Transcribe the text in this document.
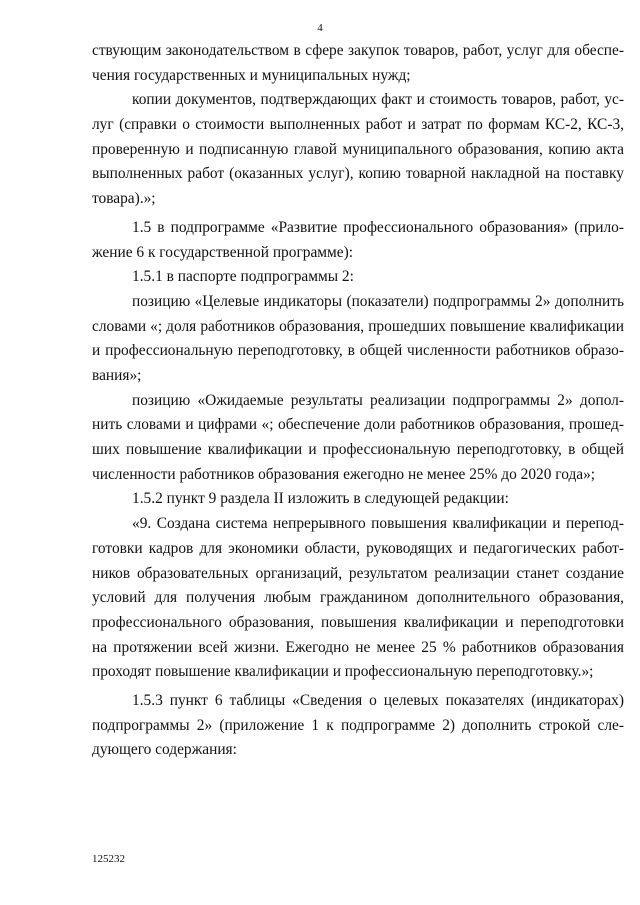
4
ствующим законодательством в сфере закупок товаров, работ, услуг для обеспе-
чения государственных и муниципальных нужд;
копии документов, подтверждающих факт и стоимость товаров, работ, ус-
луг (справки о стоимости выполненных работ и затрат по формам КС-2, КС-3,
проверенную и подписанную главой муниципального образования, копию акта
выполненных работ (оказанных услуг), копию товарной накладной на поставку
товара).»;
1.5 в подпрограмме «Развитие профессионального образования» (прило-
жение 6 к государственной программе):
1.5.1 в паспорте подпрограммы 2:
позицию «Целевые индикаторы (показатели) подпрограммы 2» дополнить
словами «; доля работников образования, прошедших повышение квалификации
и профессиональную переподготовку, в общей численности работников образо-
вания»;
позицию «Ожидаемые результаты реализации подпрограммы 2» допол-
нить словами и цифрами «; обеспечение доли работников образования, прошед-
ших повышение квалификации и профессиональную переподготовку, в общей
численности работников образования ежегодно не менее 25% до 2020 года»;
1.5.2 пункт 9 раздела II изложить в следующей редакции:
«9. Создана система непрерывного повышения квалификации и перепод-
готовки кадров для экономики области, руководящих и педагогических работ-
ников образовательных организаций, результатом реализации станет создание
условий для получения любым гражданином дополнительного образования,
профессионального образования, повышения квалификации и переподготовки
на протяжении всей жизни. Ежегодно не менее 25 % работников образования
проходят повышение квалификации и профессиональную переподготовку.»;
1.5.3 пункт 6 таблицы «Сведения о целевых показателях (индикаторах)
подпрограммы 2» (приложение 1 к подпрограмме 2) дополнить строкой сле-
дующего содержания:
125232
